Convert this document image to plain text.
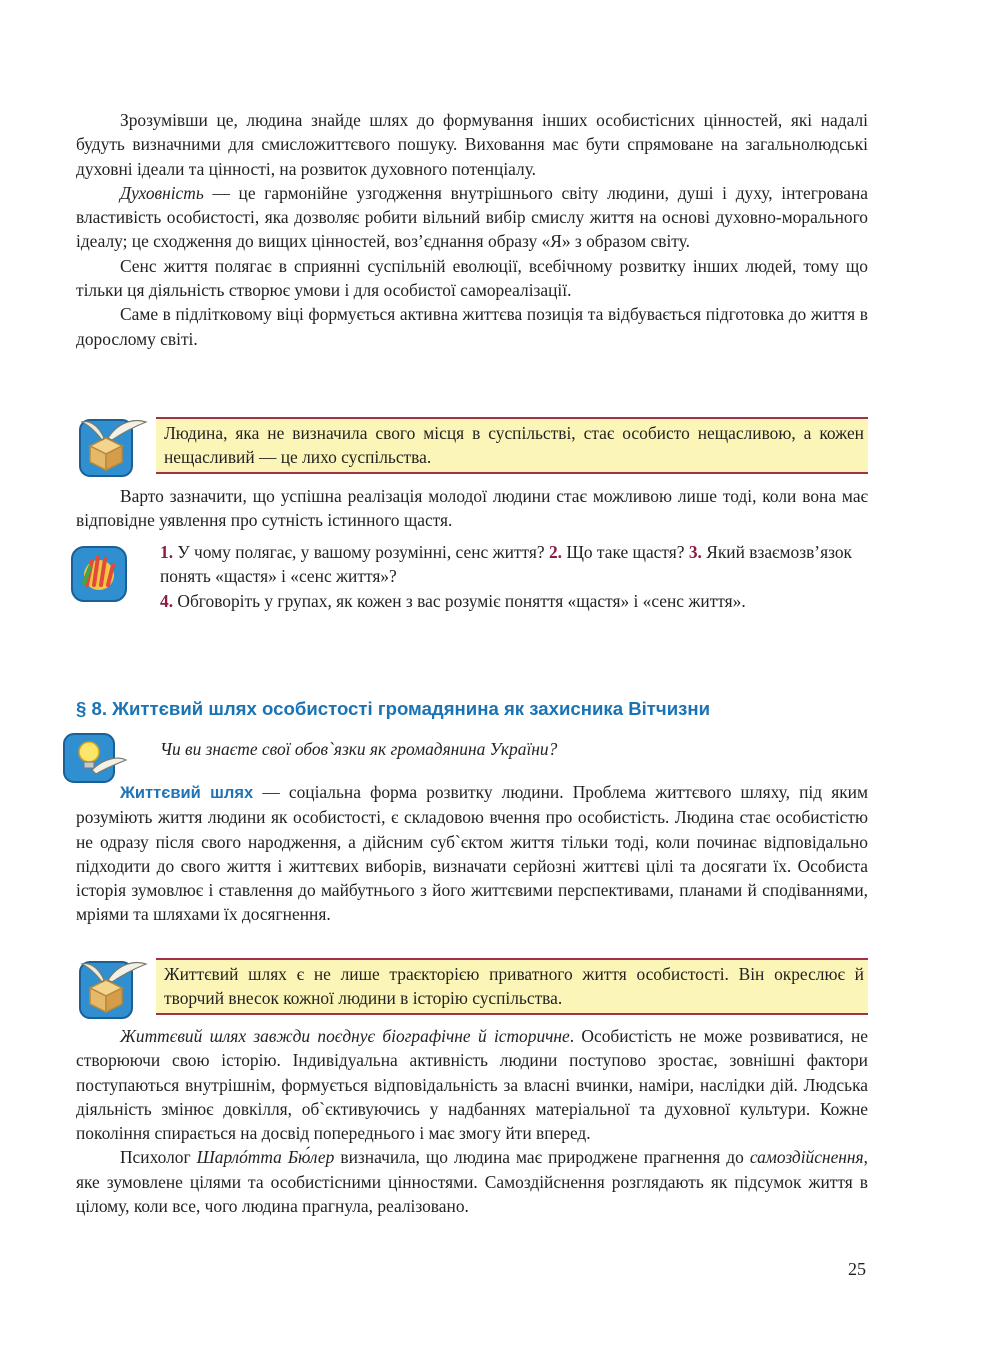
Зрозумівши це, людина знайде шлях до формування інших особистісних цінностей, які надалі будуть визначними для смисложиттєвого пошуку. Виховання має бути спрямоване на загальнолюдські духовні ідеали та цінності, на розвиток духовного потенціалу.

Духовність — це гармонійне узгодження внутрішнього світу людини, душі і духу, інтегрована властивість особистості, яка дозволяє робити вільний вибір смислу життя на основі духовно-морального ідеалу; це сходження до вищих цінностей, воз’єднання образу «Я» з образом світу.

Сенс життя полягає в сприянні суспільній еволюції, всебічному розвитку інших людей, тому що тільки ця діяльність створює умови і для особистої самореалізації.

Саме в підлітковому віці формується активна життєва позиція та відбувається підготовка до життя в дорослому світі.

Людина, яка не визначила свого місця в суспільстві, стає особисто нещасливою, а кожен нещасливий — це лихо суспільства.

Варто зазначити, що успішна реалізація молодої людини стає можливою лише тоді, коли вона має відповідне уявлення про сутність істинного щастя.

1. У чому полягає, у вашому розумінні, сенс життя? 2. Що таке щастя? 3. Який взаємозв’язок понять «щастя» і «сенс життя»?

4. Обговоріть у групах, як кожен з вас розуміє поняття «щастя» і «сенс життя».

§ 8. Життєвий шлях особистості громадянина як захисника Вітчизни
Чи ви знаєте свої обов`язки як громадянина України?

Життєвий шлях — соціальна форма розвитку людини. Проблема життєвого шляху, під яким розуміють життя людини як особистості, є складовою вчення про особистість. Людина стає особистістю не одразу після свого народження, а дійсним суб`єктом життя тільки тоді, коли починає відповідально підходити до свого життя і життєвих виборів, визначати серйозні життєві цілі та досягати їх. Особиста історія зумовлює і ставлення до майбутнього з його життєвими перспективами, планами й сподіваннями, мріями та шляхами їх досягнення.

Життєвий шлях є не лише траєкторією приватного життя особистості. Він окреслює й творчий внесок кожної людини в історію суспільства.

Життєвий шлях завжди поєднує біографічне й історичне. Особистість не може розвиватися, не створюючи свою історію. Індивідуальна активність людини поступово зростає, зовнішні фактори поступаються внутрішнім, формується відповідальність за власні вчинки, наміри, наслідки дій. Людська діяльність змінює довкілля, об`єктивуючись у надбаннях матеріальної та духовної культури. Кожне покоління спирається на досвід попереднього і має змогу йти вперед.

Психолог Шарлóтта Бю́лер визначила, що людина має природжене прагнення до самоздійснення, яке зумовлене цілями та особистісними цінностями. Самоздійснення розглядають як підсумок життя в цілому, коли все, чого людина прагнула, реалізовано.

25
